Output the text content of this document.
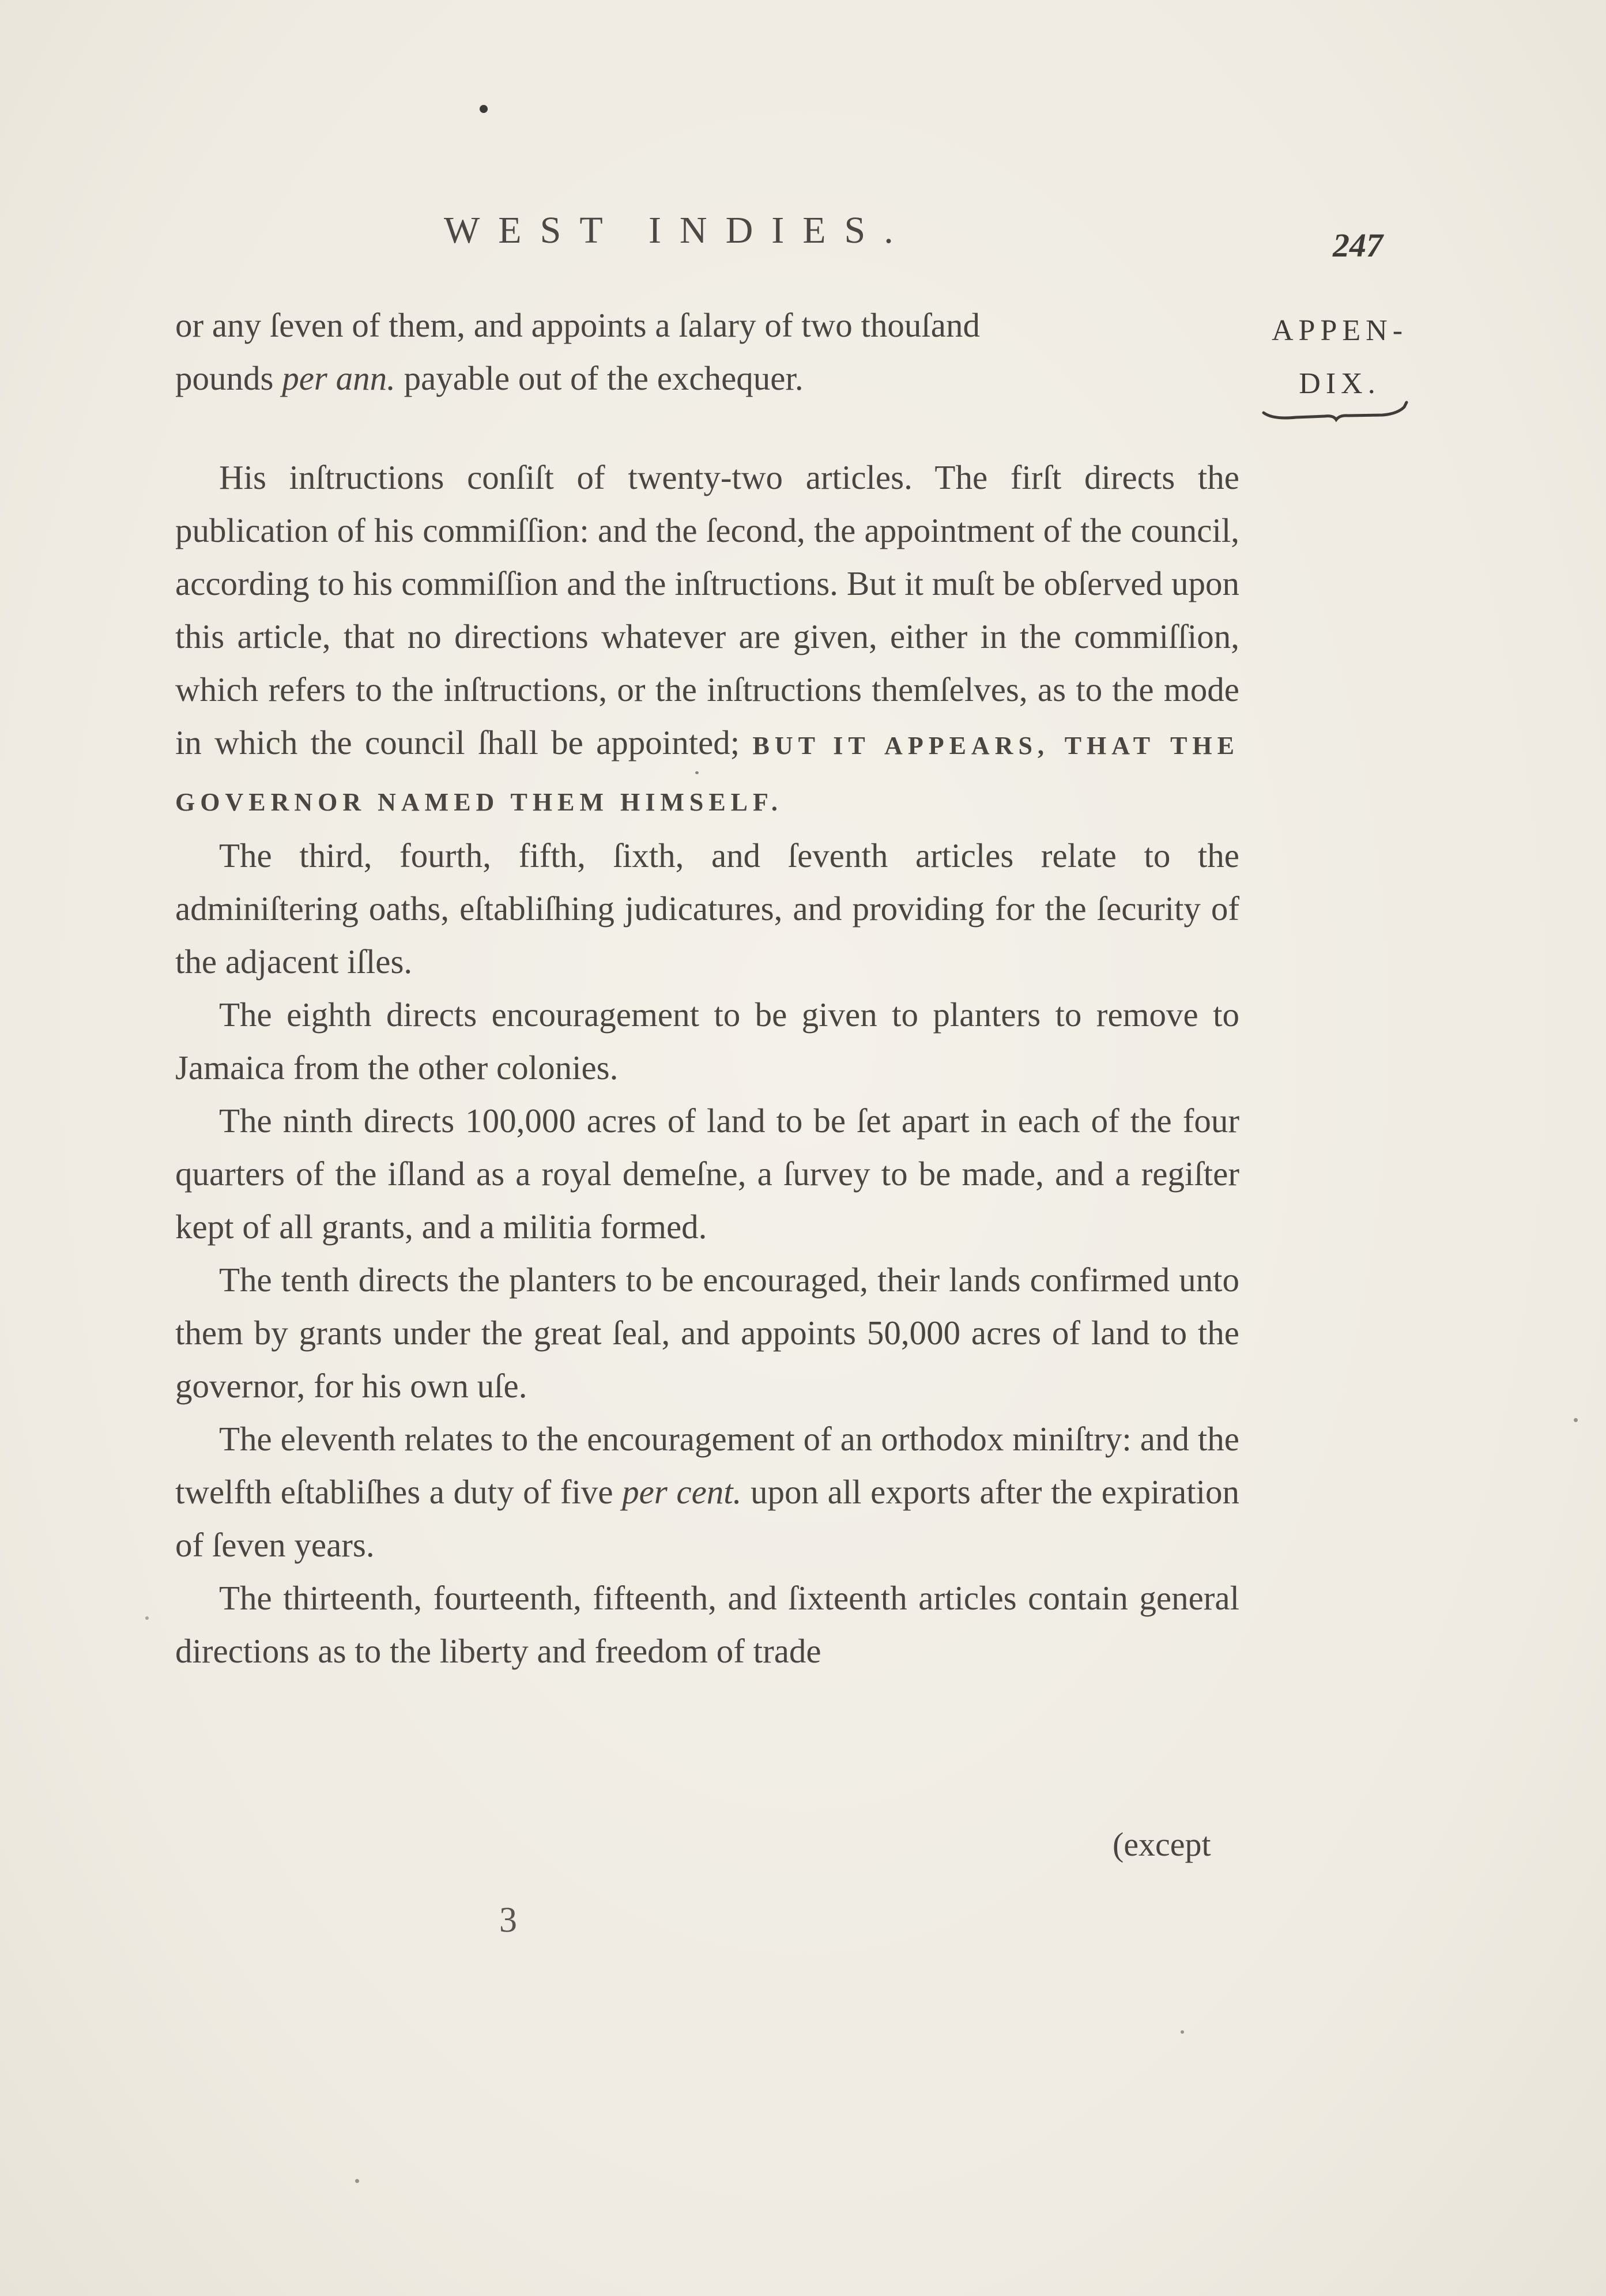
WEST INDIES.	247
APPEN-
DIX.

or any ſeven of them, and appoints a ſalary of two thouſand
pounds per ann. payable out of the exchequer.

His inſtructions conſiſt of twenty-two articles. The firſt directs the publication of his commiſſion: and the ſecond, the appointment of the council, according to his commiſſion and the inſtructions. But it muſt be obſerved upon this article, that no directions whatever are given, either in the commiſſion, which refers to the inſtructions, or the inſtructions themſelves, as to the mode in which the council ſhall be appointed; BUT IT APPEARS, THAT THE GOVERNOR NAMED THEM HIMSELF.

The third, fourth, fifth, ſixth, and ſeventh articles relate to the adminiſtering oaths, eſtabliſhing judicatures, and providing for the ſecurity of the adjacent iſles.

The eighth directs encouragement to be given to planters to remove to Jamaica from the other colonies.

The ninth directs 100,000 acres of land to be ſet apart in each of the four quarters of the iſland as a royal demeſne, a ſurvey to be made, and a regiſter kept of all grants, and a militia formed.

The tenth directs the planters to be encouraged, their lands confirmed unto them by grants under the great ſeal, and appoints 50,000 acres of land to the governor, for his own uſe.

The eleventh relates to the encouragement of an orthodox miniſtry: and the twelfth eſtabliſhes a duty of five per cent. upon all exports after the expiration of ſeven years.

The thirteenth, fourteenth, fifteenth, and ſixteenth articles contain general directions as to the liberty and freedom of trade

(except
3
